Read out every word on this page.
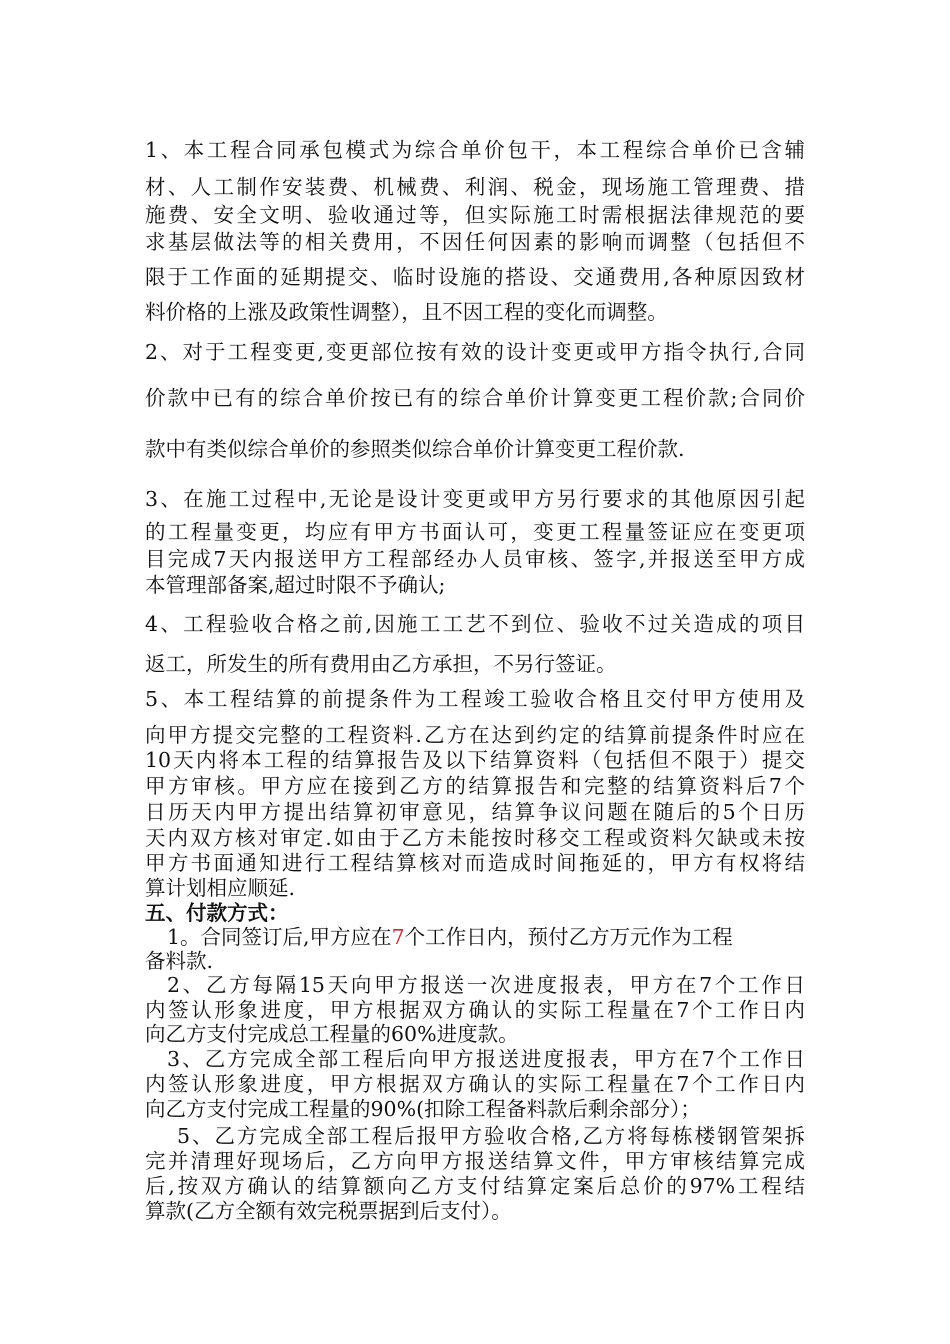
1、本工程合同承包模式为综合单价包干，本工程综合单价已含辅
材、人工制作安装费、机械费、利润、税金，现场施工管理费、措
施费、安全文明、验收通过等，但实际施工时需根据法律规范的要
求基层做法等的相关费用，不因任何因素的影响而调整（包括但不
限于工作面的延期提交、临时设施的搭设、交通费用,各种原因致材
料价格的上涨及政策性调整），且不因工程的变化而调整。
2、对于工程变更,变更部位按有效的设计变更或甲方指令执行,合同
价款中已有的综合单价按已有的综合单价计算变更工程价款;合同价
款中有类似综合单价的参照类似综合单价计算变更工程价款.
3、在施工过程中,无论是设计变更或甲方另行要求的其他原因引起
的工程量变更，均应有甲方书面认可，变更工程量签证应在变更项
目完成7天内报送甲方工程部经办人员审核、签字,并报送至甲方成
本管理部备案,超过时限不予确认;
4、工程验收合格之前,因施工工艺不到位、验收不过关造成的项目
返工，所发生的所有费用由乙方承担，不另行签证。
5、本工程结算的前提条件为工程竣工验收合格且交付甲方使用及
向甲方提交完整的工程资料.乙方在达到约定的结算前提条件时应在
10天内将本工程的结算报告及以下结算资料（包括但不限于）提交
甲方审核。甲方应在接到乙方的结算报告和完整的结算资料后7个
日历天内甲方提出结算初审意见，结算争议问题在随后的5个日历
天内双方核对审定.如由于乙方未能按时移交工程或资料欠缺或未按
甲方书面通知进行工程结算核对而造成时间拖延的，甲方有权将结
算计划相应顺延.
五、付款方式：
1。合同签订后,甲方应在7个工作日内，预付乙方万元作为工程
备料款.
2、乙方每隔15天向甲方报送一次进度报表，甲方在7个工作日
内签认形象进度，甲方根据双方确认的实际工程量在7个工作日内
向乙方支付完成总工程量的60%进度款。
3、乙方完成全部工程后向甲方报送进度报表，甲方在7个工作日
内签认形象进度，甲方根据双方确认的实际工程量在7个工作日内
向乙方支付完成工程量的90%(扣除工程备料款后剩余部分）；
5、乙方完成全部工程后报甲方验收合格,乙方将每栋楼钢管架拆
完并清理好现场后，乙方向甲方报送结算文件，甲方审核结算完成
后,按双方确认的结算额向乙方支付结算定案后总价的97%工程结
算款(乙方全额有效完税票据到后支付）。
